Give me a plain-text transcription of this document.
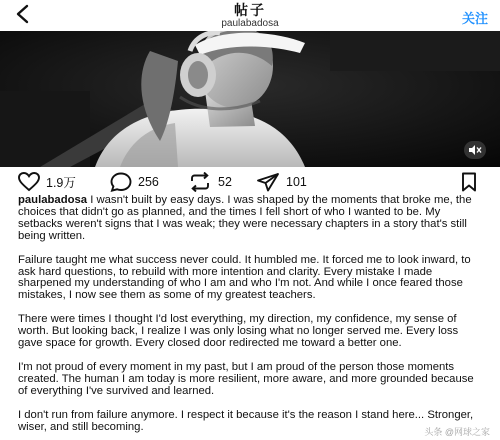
帖子
paulabadosa	关注
1.9万	256	52	101

paulabadosa I wasn't built by easy days. I was shaped by the moments that broke me, the choices that didn't go as planned, and the times I fell short of who I wanted to be. My setbacks weren't signs that I was weak; they were necessary chapters in a story that's still being written.

Failure taught me what success never could. It humbled me. It forced me to look inward, to ask hard questions, to rebuild with more intention and clarity. Every mistake I made sharpened my understanding of who I am and who I'm not. And while I once feared those mistakes, I now see them as some of my greatest teachers.

There were times I thought I'd lost everything, my direction, my confidence, my sense of worth. But looking back, I realize I was only losing what no longer served me. Every loss gave space for growth. Every closed door redirected me toward a better one.

I'm not proud of every moment in my past, but I am proud of the person those moments created. The human I am today is more resilient, more aware, and more grounded because of everything I've survived and learned.

I don't run from failure anymore. I respect it because it's the reason I stand here... Stronger, wiser, and still becoming.	头条 @网球之家
